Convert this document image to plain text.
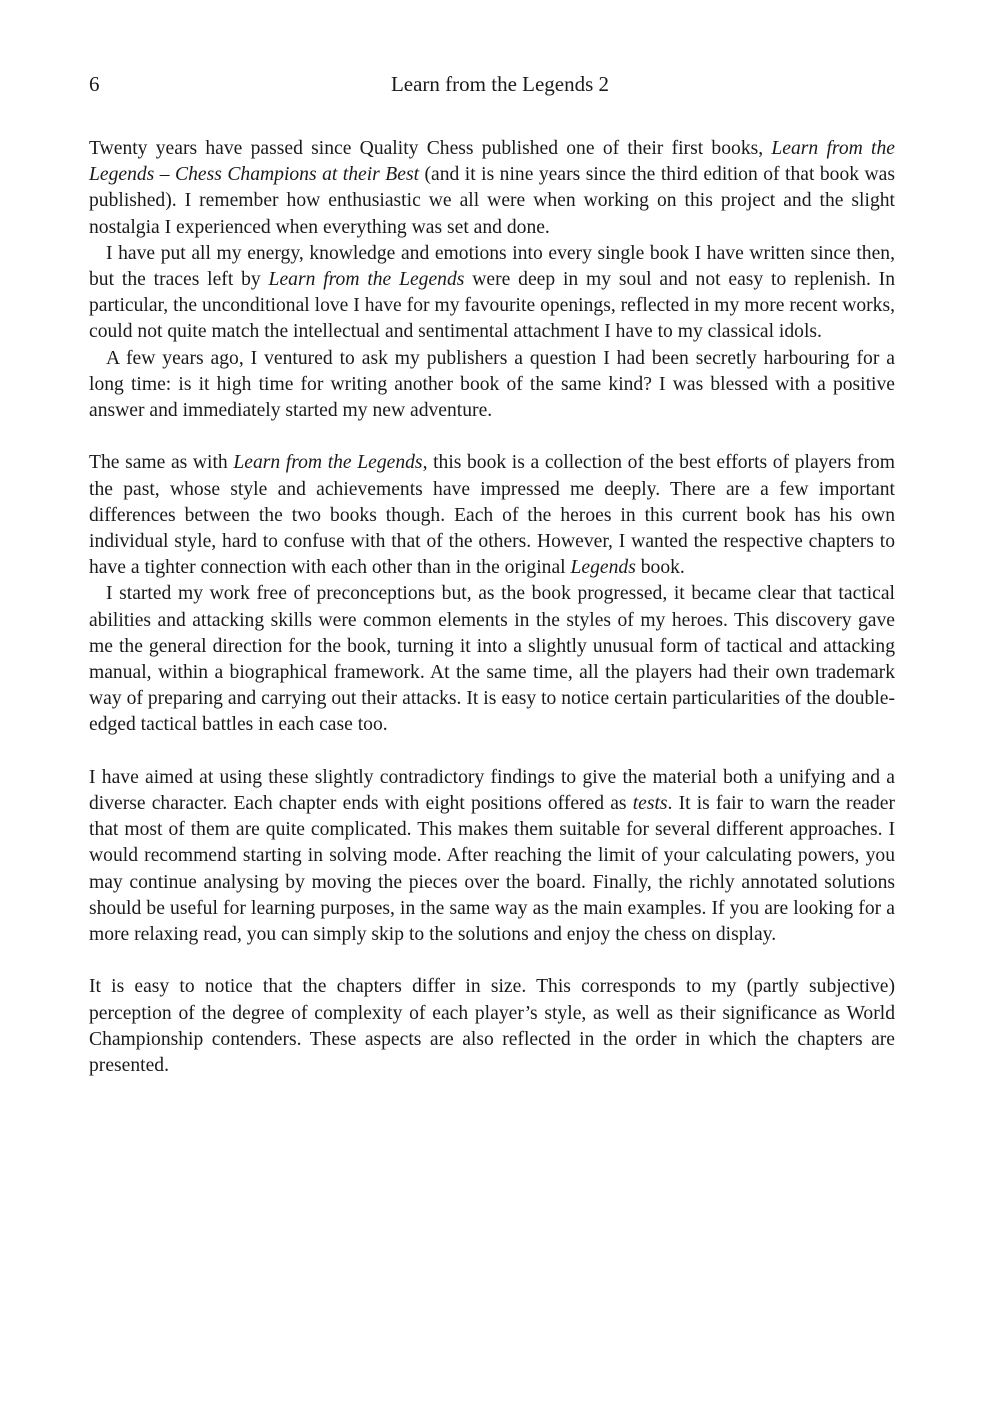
6	Learn from the Legends 2

Twenty years have passed since Quality Chess published one of their first books, Learn from the Legends – Chess Champions at their Best (and it is nine years since the third edition of that book was published). I remember how enthusiastic we all were when working on this project and the slight nostalgia I experienced when everything was set and done.

I have put all my energy, knowledge and emotions into every single book I have written since then, but the traces left by Learn from the Legends were deep in my soul and not easy to replenish. In particular, the unconditional love I have for my favourite openings, reflected in my more recent works, could not quite match the intellectual and sentimental attachment I have to my classical idols.

A few years ago, I ventured to ask my publishers a question I had been secretly harbouring for a long time: is it high time for writing another book of the same kind? I was blessed with a positive answer and immediately started my new adventure.

The same as with Learn from the Legends, this book is a collection of the best efforts of players from the past, whose style and achievements have impressed me deeply. There are a few important differences between the two books though. Each of the heroes in this current book has his own individual style, hard to confuse with that of the others. However, I wanted the respective chapters to have a tighter connection with each other than in the original Legends book.

I started my work free of preconceptions but, as the book progressed, it became clear that tactical abilities and attacking skills were common elements in the styles of my heroes. This discovery gave me the general direction for the book, turning it into a slightly unusual form of tactical and attacking manual, within a biographical framework. At the same time, all the players had their own trademark way of preparing and carrying out their attacks. It is easy to notice certain particularities of the double-edged tactical battles in each case too.

I have aimed at using these slightly contradictory findings to give the material both a unifying and a diverse character. Each chapter ends with eight positions offered as tests. It is fair to warn the reader that most of them are quite complicated. This makes them suitable for several different approaches. I would recommend starting in solving mode. After reaching the limit of your calculating powers, you may continue analysing by moving the pieces over the board. Finally, the richly annotated solutions should be useful for learning purposes, in the same way as the main examples. If you are looking for a more relaxing read, you can simply skip to the solutions and enjoy the chess on display.

It is easy to notice that the chapters differ in size. This corresponds to my (partly subjective) perception of the degree of complexity of each player’s style, as well as their significance as World Championship contenders. These aspects are also reflected in the order in which the chapters are presented.
